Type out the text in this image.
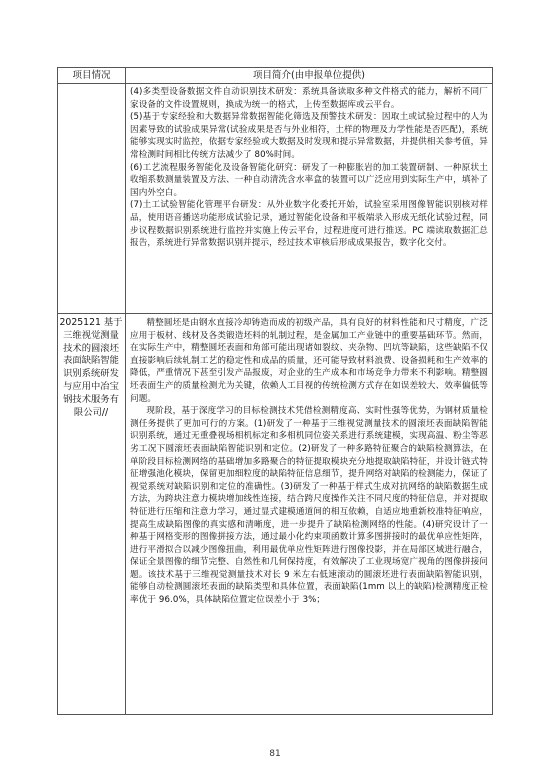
项目情况	项目简介(由申报单位提供)

(4)多类型设备数据文件自动识别技术研发：系统具备读取多种文件格式的能力，解析不同厂家设备的文件设置规则，换成为统一的格式，上传至数据库或云平台。

(5)基于专家经验和大数据异常数据智能化筛选及预警技术研发：因取土或试验过程中的人为因素导致的试验成果异常(试验成果是否与外业相符，土样的物理及力学性能是否匹配)，系统能够实现实时监控，依据专家经验或大数据及时发现和提示异常数据，并提供相关参考值，异常检测时间相比传统方法减少了 80%时间。

(6)工艺流程服务智能化及设备智能化研究：研发了一种膨胀岩的加工装置研制、一种原状土收缩系数测量装置及方法、一种自动清洗含水率盒的装置可以广泛应用到实际生产中，填补了国内外空白。

(7)土工试验智能化管理平台研发：从外业数字化委托开始，试验室采用图像智能识别核对样品，使用语音播送功能形成试验记录，通过智能化设备和平板端录入形成无纸化试验过程，同步议程数据识别系统进行监控并实施上传云平台，过程进度可进行推送。PC 端读取数据汇总报告，系统进行异常数据识别并提示，经过技术审核后形成成果报告，数字化交付。

2025121 基于三维视觉测量技术的圆滚坯表面缺陷智能识别系统研发与应用中冶宝钢技术服务有限公司//

精整圆坯是由钢水直接冷却铸造而成的初级产品，具有良好的材料性能和尺寸精度，广泛应用于板材、线材及各类锻造坯料的轧制过程，是金属加工产业链中的重要基础环节。然而，在实际生产中，精整圆坯表面和角部可能出现诸如裂纹、夹杂物、凹坑等缺陷，这些缺陷不仅直接影响后续轧制工艺的稳定性和成品的质量，还可能导致材料浪费、设备损耗和生产效率的降低，严重情况下甚至引发产品报废，对企业的生产成本和市场竞争力带来不利影响。精整圆坯表面生产的质量检测尤为关键，依赖人工目视的传统检测方式存在如误差较大、效率偏低等问题。

现阶段，基于深度学习的目标检测技术凭借检测精度高、实时性强等优势，为钢材质量检测任务提供了更加可行的方案。(1)研发了一种基于三维视觉测量技术的圆滚坯表面缺陷智能识别系统，通过无重叠视场相机标定和多相机同位姿关系进行系统建模，实现高温、粉尘等恶劣工况下圆滚坯表面缺陷智能识别和定位。(2)研发了一种多路特征聚合的缺陷检测算法，在单阶段目标检测网络的基础增加多路聚合的特征提取模块充分地提取缺陷特征，并设计链式特征增强池化模块，保留更加细粒度的缺陷特征信息细节，提升网络对缺陷的检测能力，保证了视觉系统对缺陷识别和定位的准确性。(3)研发了一种基于样式生成对抗网络的缺陷数据生成方法，为跨块注意力模块增加线性连接，结合跨尺度操作关注不同尺度的特征信息，并对提取特征进行压缩和注意力学习，通过显式建模通道间的相互依赖，自适应地重新校准特征响应，提高生成缺陷图像的真实感和清晰度，进一步提升了缺陷检测网络的性能。(4)研究设计了一种基于网格变形的图像拼接方法，通过最小化约束项函数计算多图拼接时的最优单应性矩阵，进行平滑拟合以减少图像扭曲，利用最优单应性矩阵进行图像投影，并在局部区域进行融合，保证全景图像的细节完整、自然性和几何保持度，有效解决了工业现场宽广视角的图像拼接问题。该技术基于三维视觉测量技术对长 9 米左右低速滚动的圆滚坯进行表面缺陷智能识别，能够自动检测圆滚坯表面的缺陷类型和具体位置，表面缺陷(1mm 以上的缺陷)检测精度正检率优于 96.0%，具体缺陷位置定位误差小于 3%；

81
